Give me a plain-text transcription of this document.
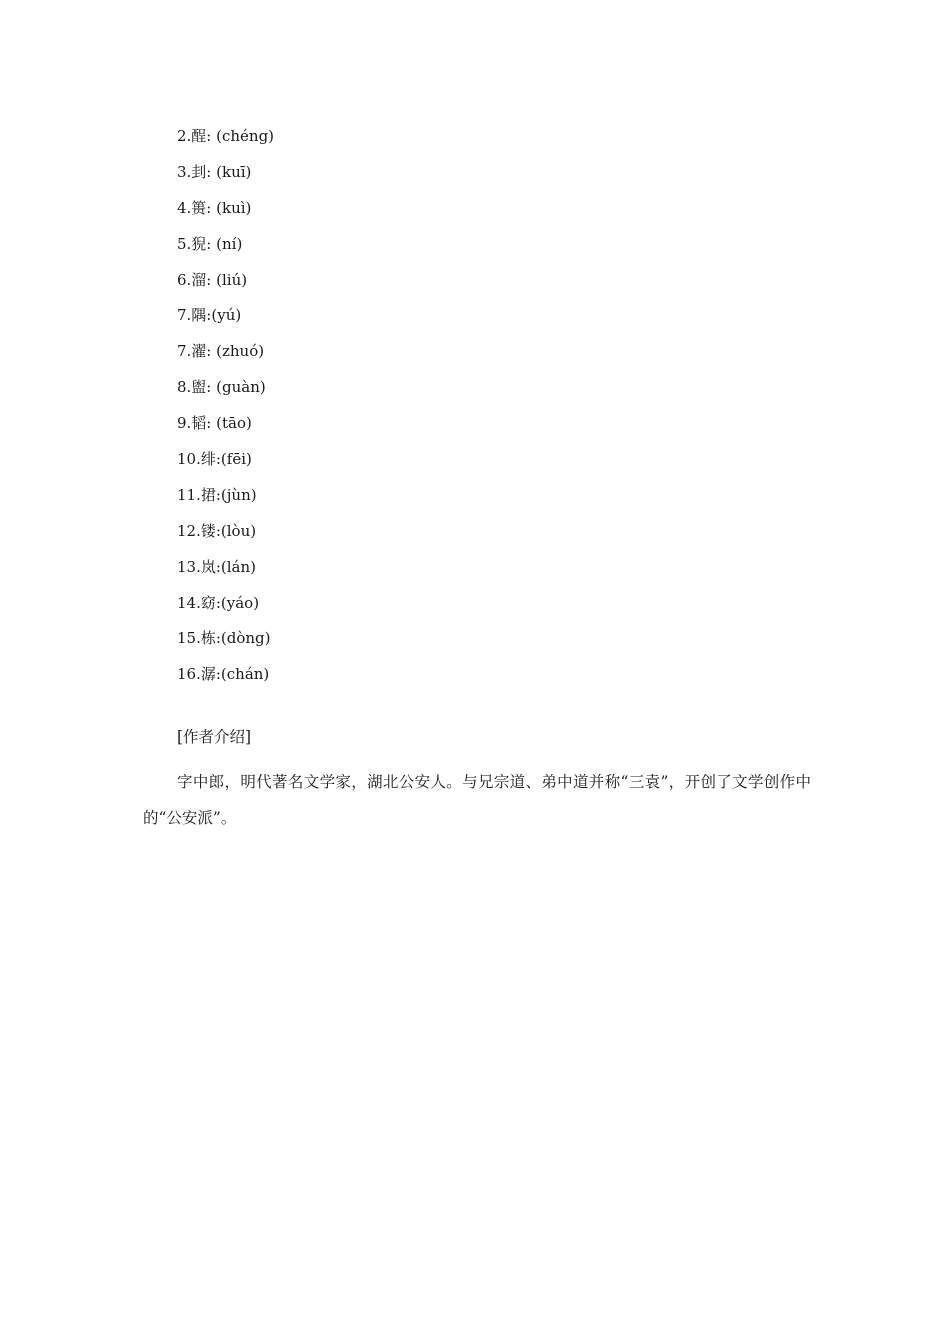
2.酲: (chéng)
3.刲: (kuī)
4.篑: (kuì)
5.猊: (ní)
6.溜: (liú)
7.隅:(yú)
7.濯: (zhuó)
8.盥: (guàn)
9.韬: (tāo)
10.绯:(fēi)
11.捃:(jùn)
12.镂:(lòu)
13.岚:(lán)
14.窈:(yáo)
15.栋:(dòng)
16.潺:(chán)
[作者介绍]

字中郎，明代著名文学家，湖北公安人。与兄宗道、弟中道并称“三袁”，开创了文学创作中的“公安派”。
